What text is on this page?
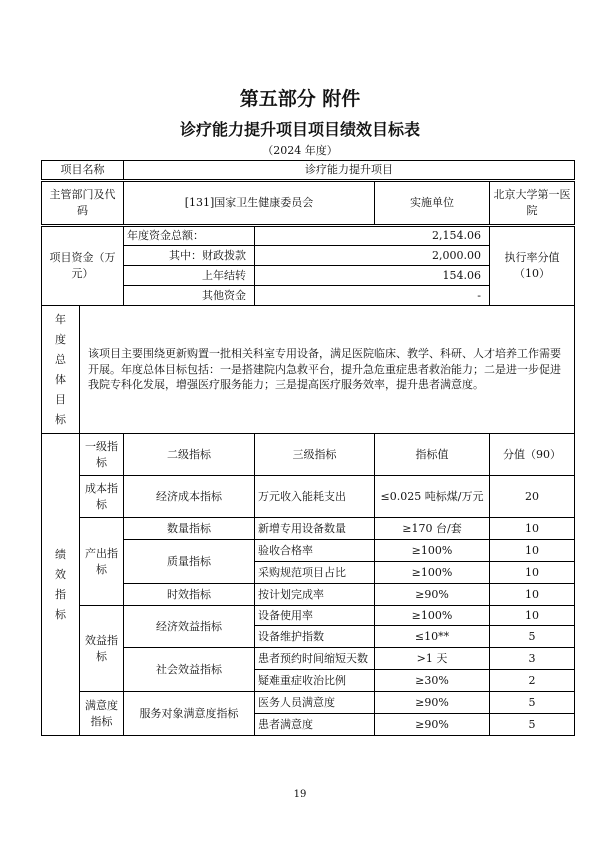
第五部分 附件
诊疗能力提升项目项目绩效目标表
（2024 年度）
项目名称		诊疗能力提升项目			
主管部门及代码		[131]国家卫生健康委员会		实施单位	北京大学第一医院
项目资金（万元）		年度资金总额：	2,154.06		执行率分值（10）
		其中：财政拨款	2,000.00		
		上年结转	154.06		
		其他资金	-		

年度总体目标	该项目主要围绕更新购置一批相关科室专用设备，满足医院临床、教学、科研、人才培养工作需要开展。年度总体目标包括：一是搭建院内急救平台，提升急危重症患者救治能力；二是进一步促进我院专科化发展，增强医疗服务能力；三是提高医疗服务效率，提升患者满意度。				

绩效指标	一级指标	二级指标	三级指标	指标值	分值（90）
	成本指标	经济成本指标	万元收入能耗支出	≤0.025 吨标煤/万元	20
	产出指标	数量指标	新增专用设备数量	≥170 台/套	10
		质量指标	验收合格率	≥100%	10
			采购规范项目占比	≥100%	10
		时效指标	按计划完成率	≥90%	10
	效益指标	经济效益指标	设备使用率	≥100%	10
			设备维护指数	≤10**	5
		社会效益指标	患者预约时间缩短天数	>1 天	3
			疑难重症收治比例	≥30%	2
	满意度指标	服务对象满意度指标	医务人员满意度	≥90%	5
			患者满意度	≥90%	5
19
